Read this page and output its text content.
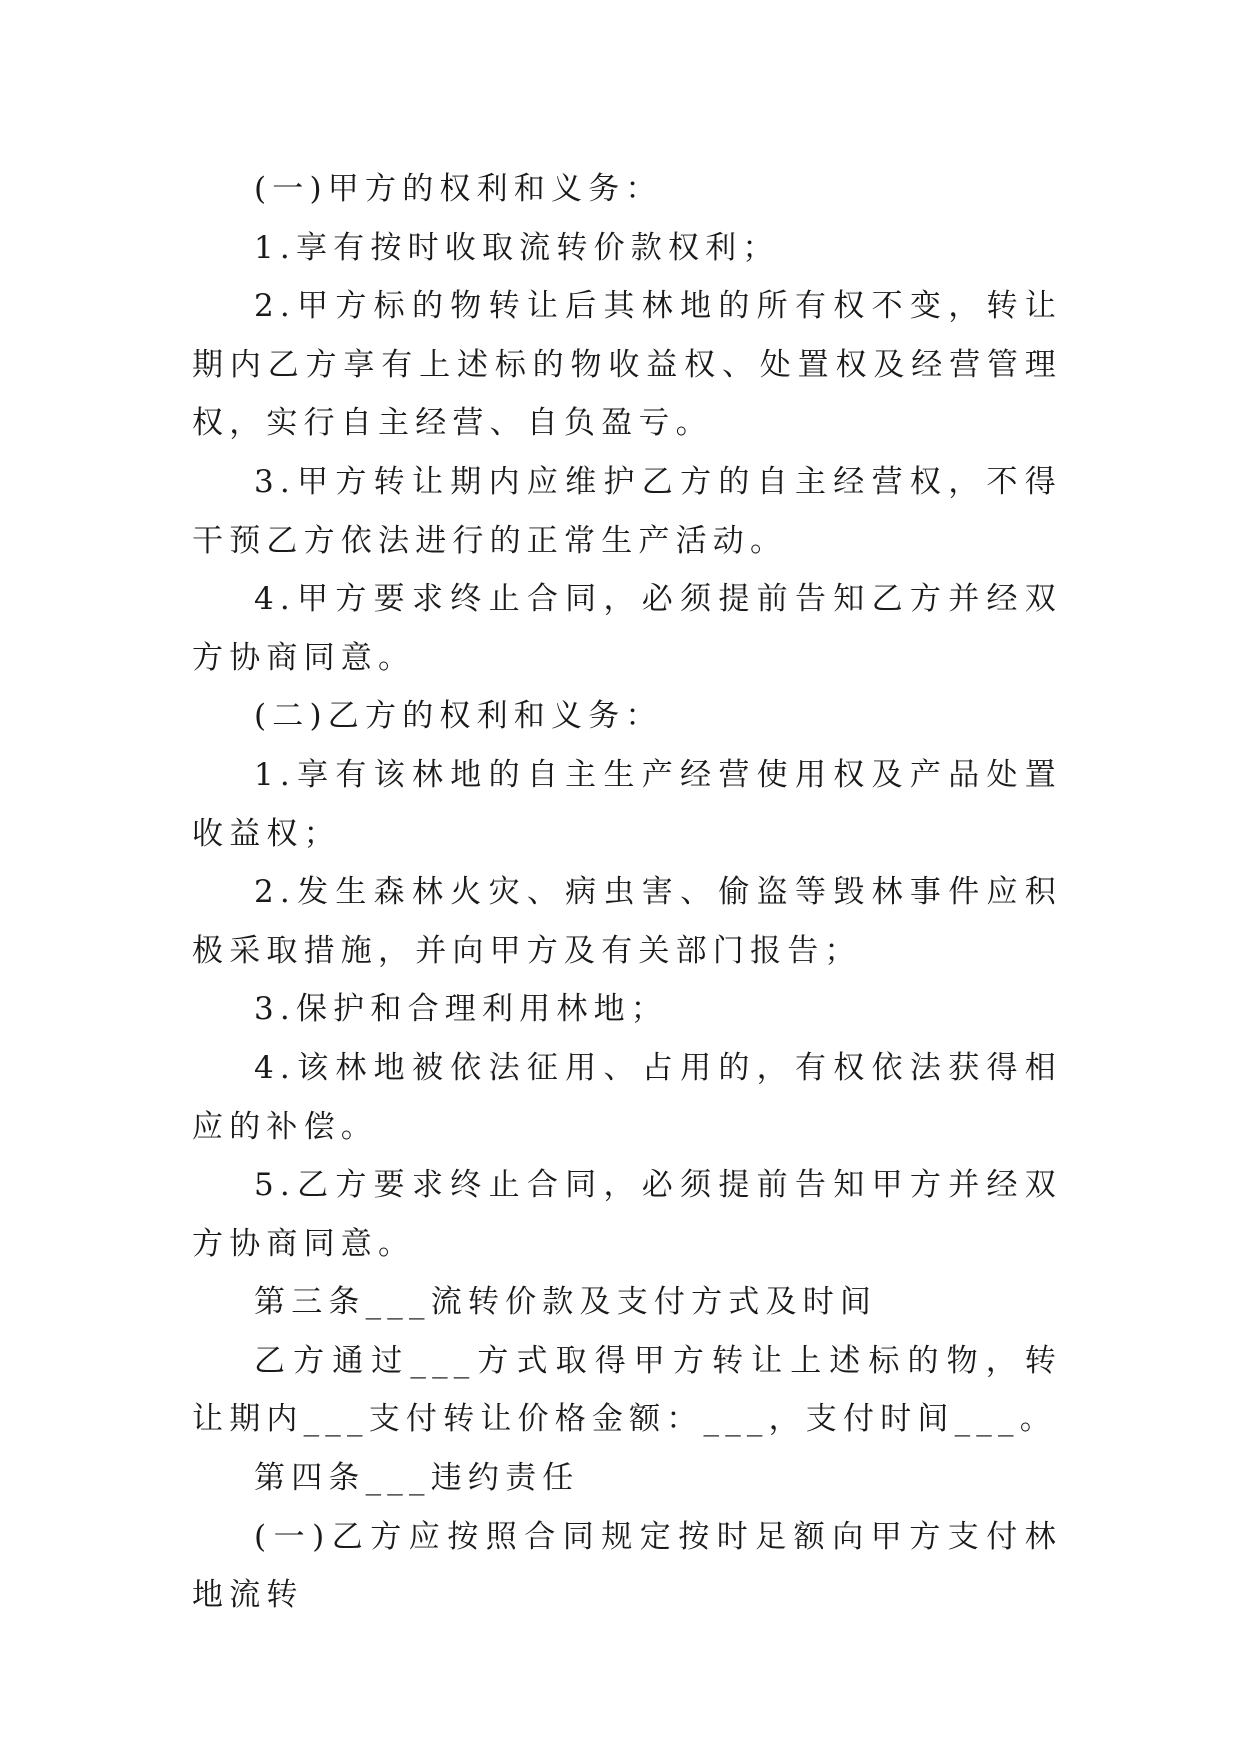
(一)甲方的权利和义务：

1.享有按时收取流转价款权利；

2.甲方标的物转让后其林地的所有权不变，转让期内乙方享有上述标的物收益权、处置权及经营管理权，实行自主经营、自负盈亏。

3.甲方转让期内应维护乙方的自主经营权，不得干预乙方依法进行的正常生产活动。

4.甲方要求终止合同，必须提前告知乙方并经双方协商同意。

(二)乙方的权利和义务：

1.享有该林地的自主生产经营使用权及产品处置收益权；

2.发生森林火灾、病虫害、偷盗等毁林事件应积极采取措施，并向甲方及有关部门报告；

3.保护和合理利用林地；

4.该林地被依法征用、占用的，有权依法获得相应的补偿。

5.乙方要求终止合同，必须提前告知甲方并经双方协商同意。

第三条___流转价款及支付方式及时间

乙方通过___方式取得甲方转让上述标的物，转让期内___支付转让价格金额：___，支付时间___。

第四条___违约责任

(一)乙方应按照合同规定按时足额向甲方支付林地流转
